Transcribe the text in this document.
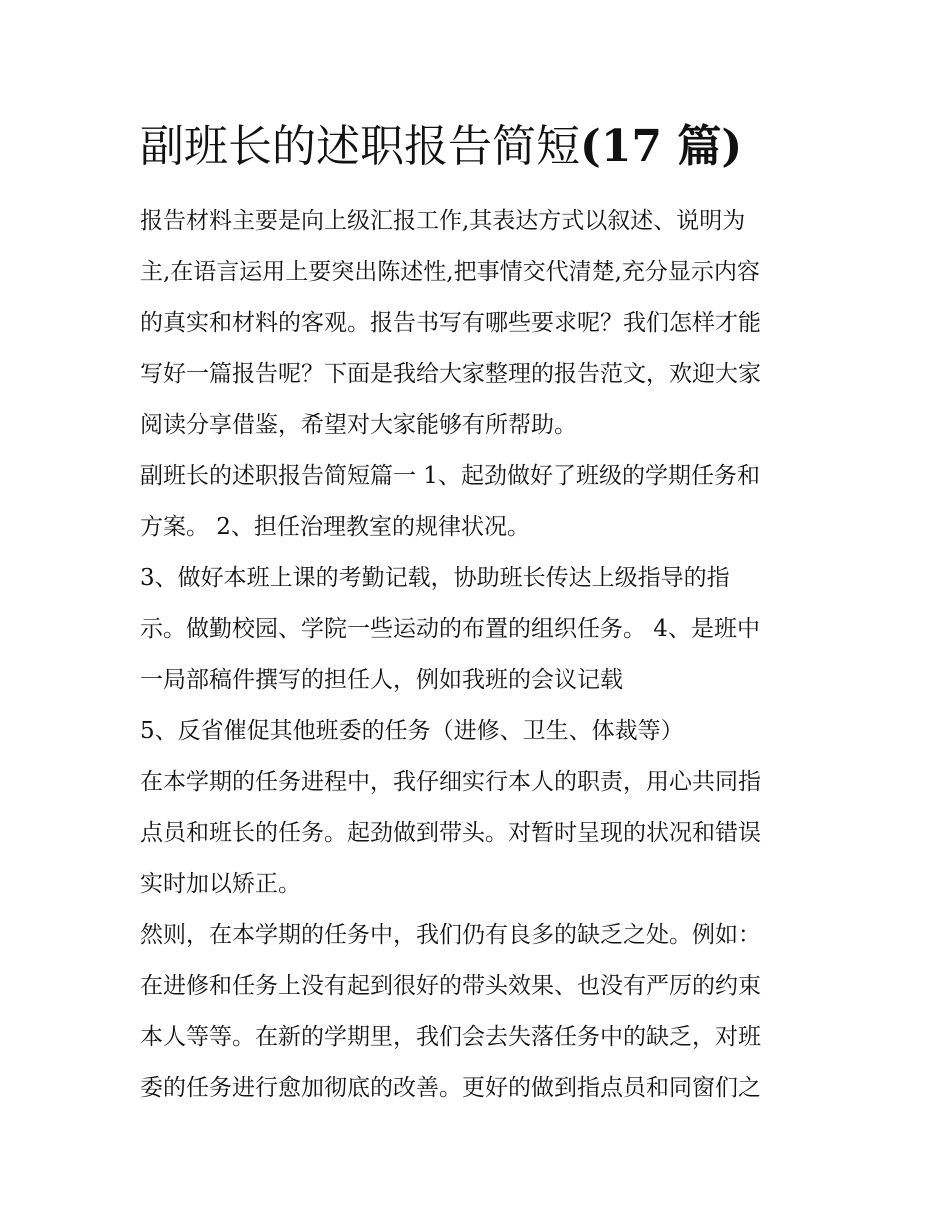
副班长的述职报告简短(17 篇)
报告材料主要是向上级汇报工作,其表达方式以叙述、说明为
主,在语言运用上要突出陈述性,把事情交代清楚,充分显示内容
的真实和材料的客观。报告书写有哪些要求呢？我们怎样才能
写好一篇报告呢？下面是我给大家整理的报告范文，欢迎大家
阅读分享借鉴，希望对大家能够有所帮助。
副班长的述职报告简短篇一 1、起劲做好了班级的学期任务和
方案。 2、担任治理教室的规律状况。
3、做好本班上课的考勤记载，协助班长传达上级指导的指
示。做勤校园、学院一些运动的布置的组织任务。 4、是班中
一局部稿件撰写的担任人，例如我班的会议记载
5、反省催促其他班委的任务（进修、卫生、体裁等）
在本学期的任务进程中，我仔细实行本人的职责，用心共同指
点员和班长的任务。起劲做到带头。对暂时呈现的状况和错误
实时加以矫正。
然则，在本学期的任务中，我们仍有良多的缺乏之处。例如：
在进修和任务上没有起到很好的带头效果、也没有严厉的约束
本人等等。在新的学期里，我们会去失落任务中的缺乏，对班
委的任务进行愈加彻底的改善。更好的做到指点员和同窗们之
